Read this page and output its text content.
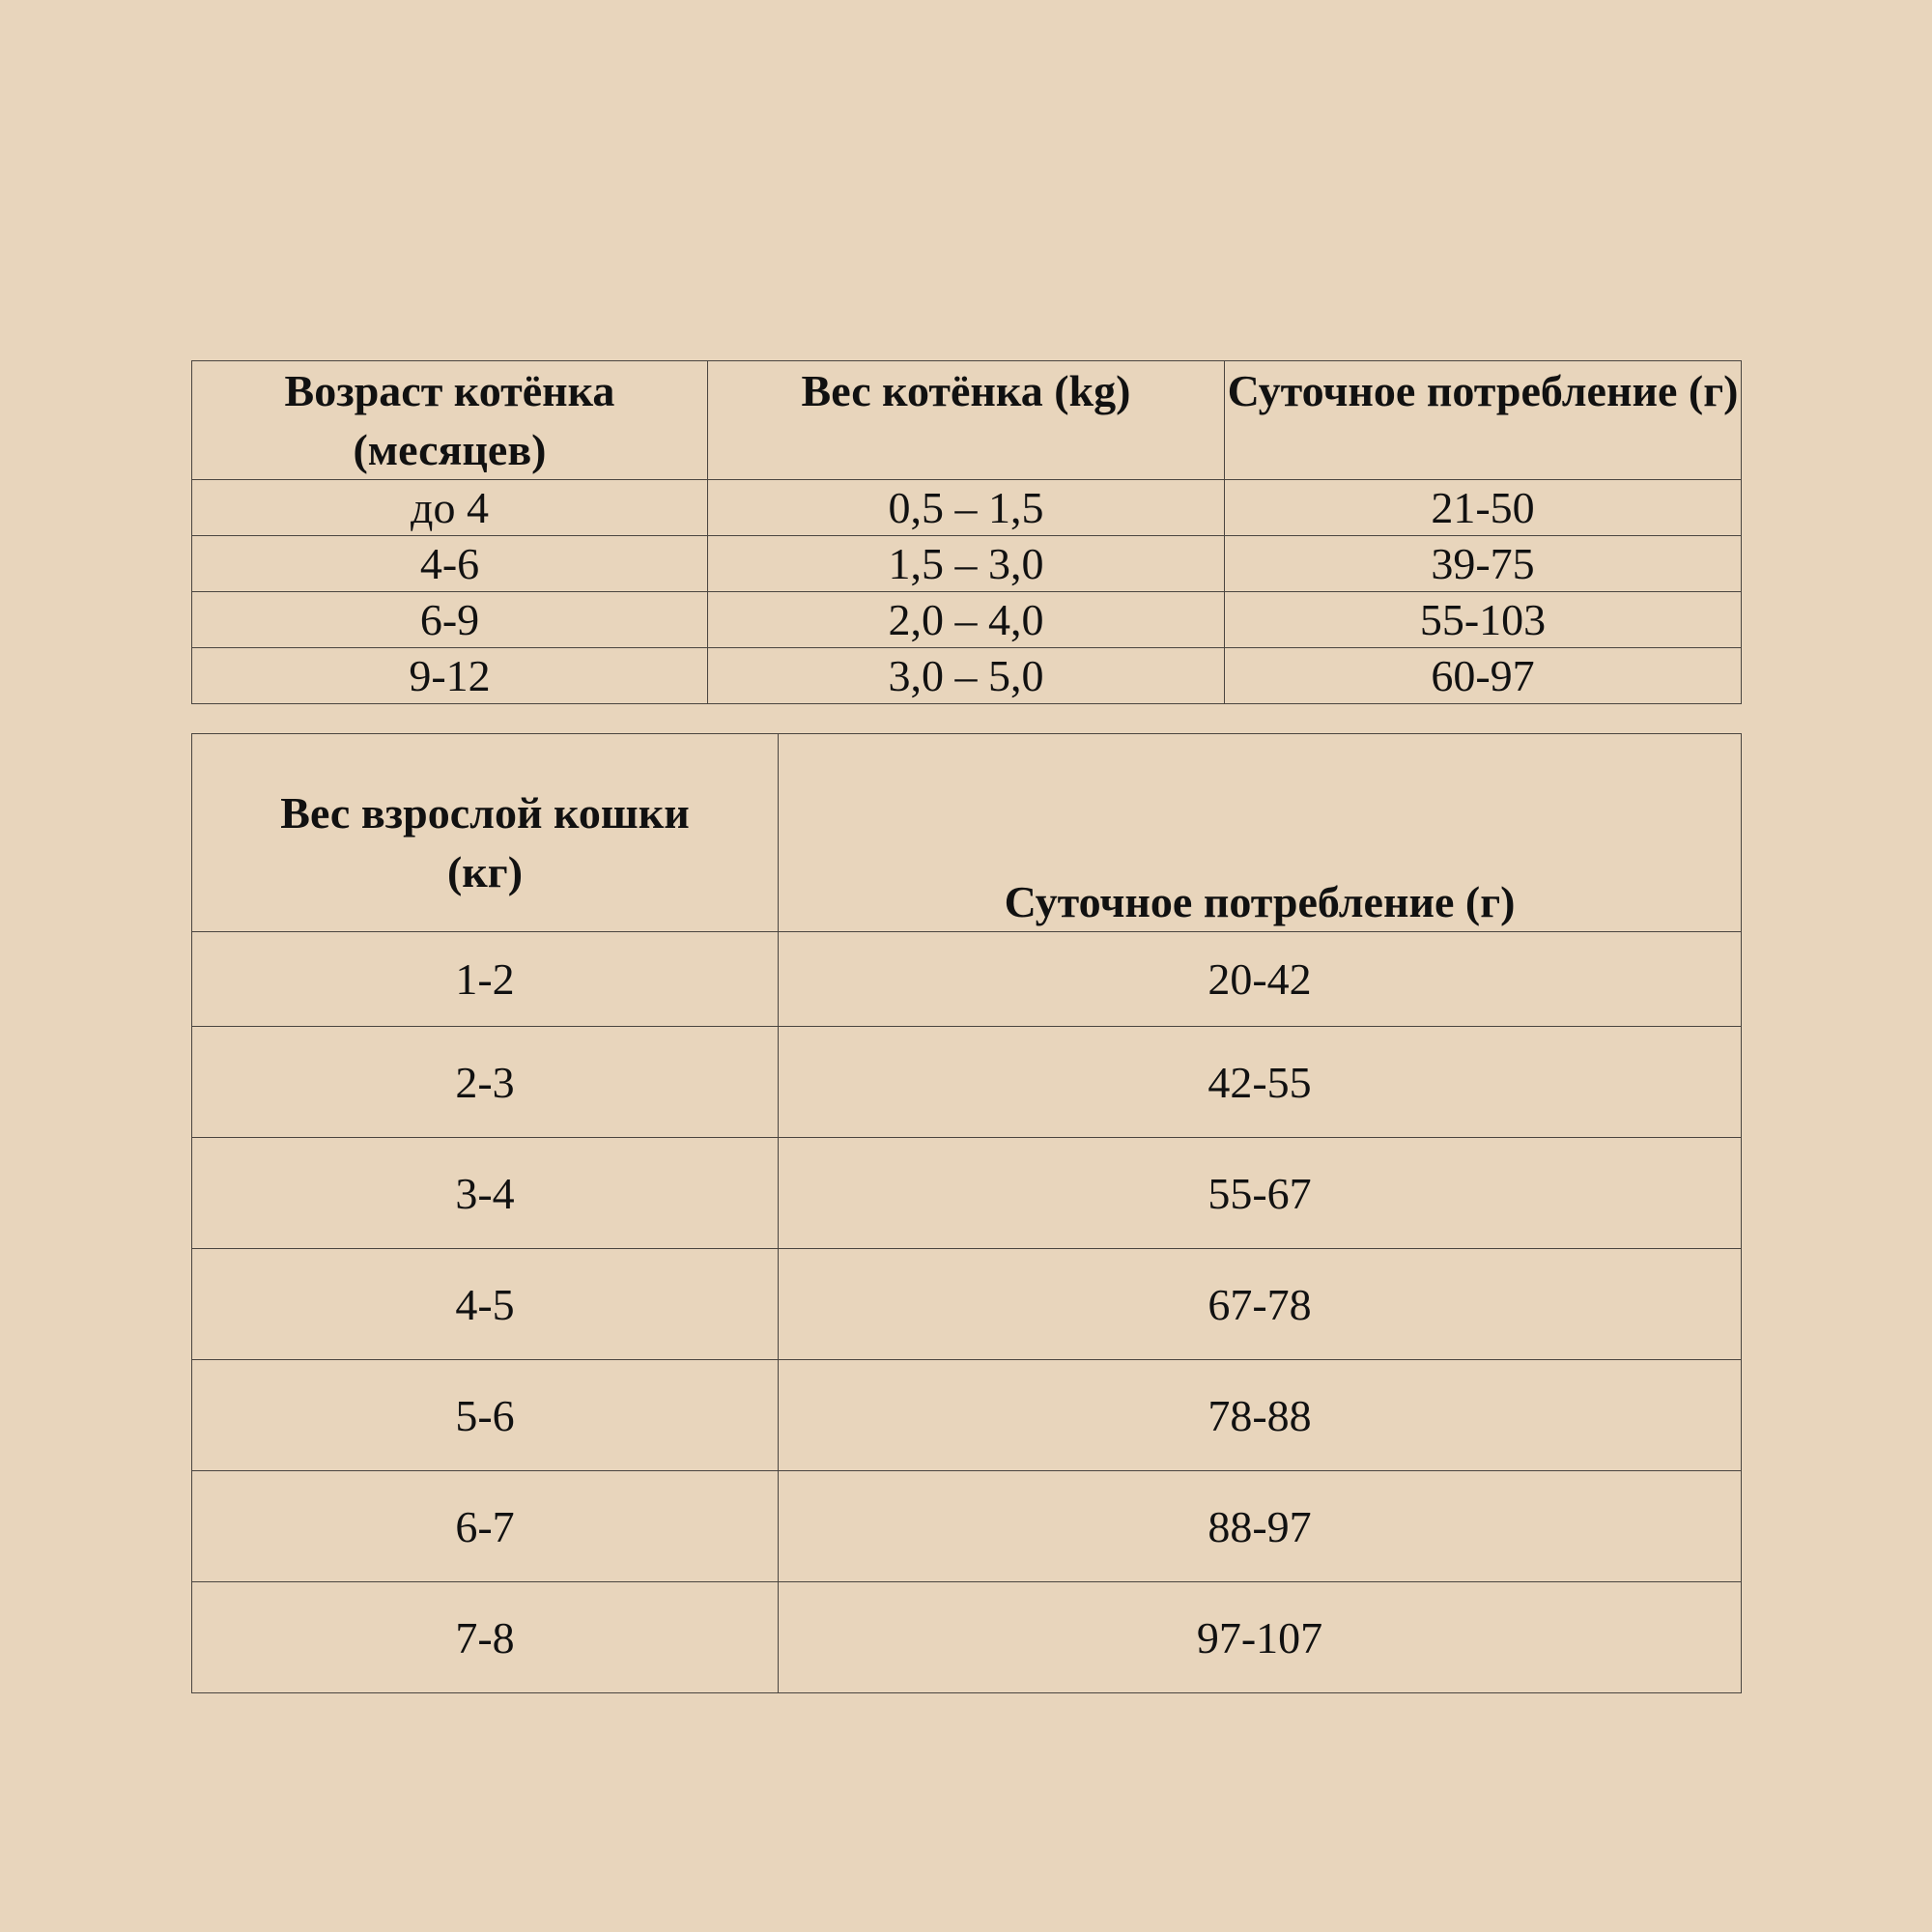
Возраст котёнка (месяцев)	Вес котёнка (kg)	Суточное потребление (г)
до 4	0,5 – 1,5	21-50
4-6	1,5 – 3,0	39-75
6-9	2,0 – 4,0	55-103
9-12	3,0 – 5,0	60-97
Вес взрослой кошки (кг)	Суточное потребление (г)
1-2	20-42
2-3	42-55
3-4	55-67
4-5	67-78
5-6	78-88
6-7	88-97
7-8	97-107
